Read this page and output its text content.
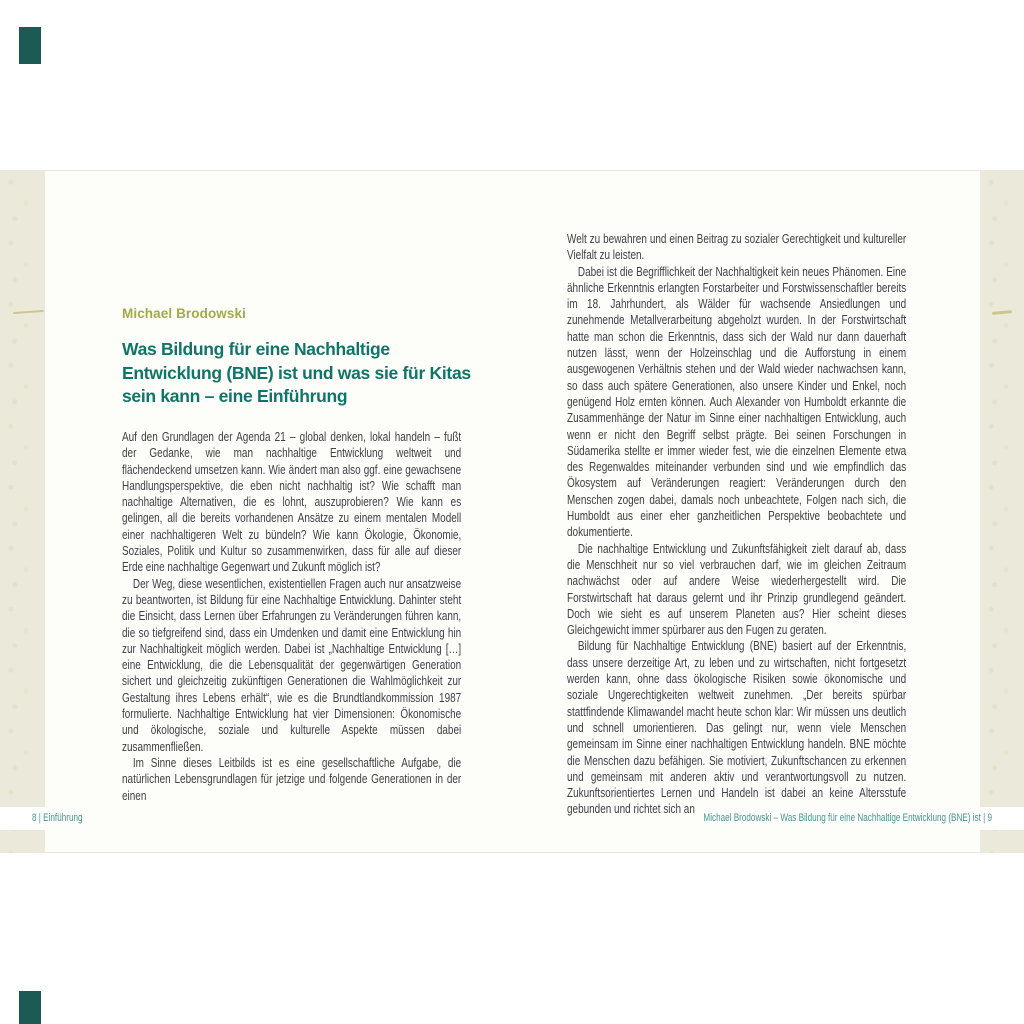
Michael Brodowski
Was Bildung für eine Nachhaltige Entwicklung (BNE) ist und was sie für Kitas sein kann – eine Einführung

Auf den Grundlagen der Agenda 21 – global denken, lokal handeln – fußt der Gedanke, wie man nachhaltige Entwicklung weltweit und flächendeckend umsetzen kann. Wie ändert man also ggf. eine gewachsene Handlungsperspektive, die eben nicht nachhaltig ist? Wie schafft man nachhaltige Alternativen, die es lohnt, auszuprobieren? Wie kann es gelingen, all die bereits vorhandenen Ansätze zu einem mentalen Modell einer nachhaltigeren Welt zu bündeln? Wie kann Ökologie, Ökonomie, Soziales, Politik und Kultur so zusammenwirken, dass für alle auf dieser Erde eine nachhaltige Gegenwart und Zukunft möglich ist?

Der Weg, diese wesentlichen, existentiellen Fragen auch nur ansatzweise zu beantworten, ist Bildung für eine Nachhaltige Entwicklung. Dahinter steht die Einsicht, dass Lernen über Erfahrungen zu Veränderungen führen kann, die so tiefgreifend sind, dass ein Umdenken und damit eine Entwicklung hin zur Nachhaltigkeit möglich werden. Dabei ist „Nachhaltige Entwicklung […] eine Entwicklung, die die Lebensqualität der gegenwärtigen Generation sichert und gleichzeitig zukünftigen Generationen die Wahlmöglichkeit zur Gestaltung ihres Lebens erhält“, wie es die Brundtlandkommission 1987 formulierte. Nachhaltige Entwicklung hat vier Dimensionen: Ökonomische und ökologische, soziale und kulturelle Aspekte müssen dabei zusammenfließen.

Im Sinne dieses Leitbilds ist es eine gesellschaftliche Aufgabe, die natürlichen Lebensgrundlagen für jetzige und folgende Generationen in der einen

Welt zu bewahren und einen Beitrag zu sozialer Gerechtigkeit und kultureller Vielfalt zu leisten.

Dabei ist die Begrifflichkeit der Nachhaltigkeit kein neues Phänomen. Eine ähnliche Erkenntnis erlangten Forstarbeiter und Forstwissenschaftler bereits im 18. Jahrhundert, als Wälder für wachsende Ansiedlungen und zunehmende Metallverarbeitung abgeholzt wurden. In der Forstwirtschaft hatte man schon die Erkenntnis, dass sich der Wald nur dann dauerhaft nutzen lässt, wenn der Holzeinschlag und die Aufforstung in einem ausgewogenen Verhältnis stehen und der Wald wieder nachwachsen kann, so dass auch spätere Generationen, also unsere Kinder und Enkel, noch genügend Holz ernten können. Auch Alexander von Humboldt erkannte die Zusammenhänge der Natur im Sinne einer nachhaltigen Entwicklung, auch wenn er nicht den Begriff selbst prägte. Bei seinen Forschungen in Südamerika stellte er immer wieder fest, wie die einzelnen Elemente etwa des Regenwaldes miteinander verbunden sind und wie empfindlich das Ökosystem auf Veränderungen reagiert: Veränderungen durch den Menschen zogen dabei, damals noch unbeachtete, Folgen nach sich, die Humboldt aus einer eher ganzheitlichen Perspektive beobachtete und dokumentierte.

Die nachhaltige Entwicklung und Zukunftsfähigkeit zielt darauf ab, dass die Menschheit nur so viel verbrauchen darf, wie im gleichen Zeitraum nachwächst oder auf andere Weise wiederhergestellt wird. Die Forstwirtschaft hat daraus gelernt und ihr Prinzip grundlegend geändert. Doch wie sieht es auf unserem Planeten aus? Hier scheint dieses Gleichgewicht immer spürbarer aus den Fugen zu geraten.

Bildung für Nachhaltige Entwicklung (BNE) basiert auf der Erkenntnis, dass unsere derzeitige Art, zu leben und zu wirtschaften, nicht fortgesetzt werden kann, ohne dass ökologische Risiken sowie ökonomische und soziale Ungerechtigkeiten weltweit zunehmen. „Der bereits spürbar stattfindende Klimawandel macht heute schon klar: Wir müssen uns deutlich und schnell umorientieren. Das gelingt nur, wenn viele Menschen gemeinsam im Sinne einer nachhaltigen Entwicklung handeln. BNE möchte die Menschen dazu befähigen. Sie motiviert, Zukunftschancen zu erkennen und gemeinsam mit anderen aktiv und verantwortungsvoll zu nutzen. Zukunftsorientiertes Lernen und Handeln ist dabei an keine Altersstufe gebunden und richtet sich an

8 | Einführung	Michael Brodowski – Was Bildung für eine Nachhaltige Entwicklung (BNE) ist | 9
